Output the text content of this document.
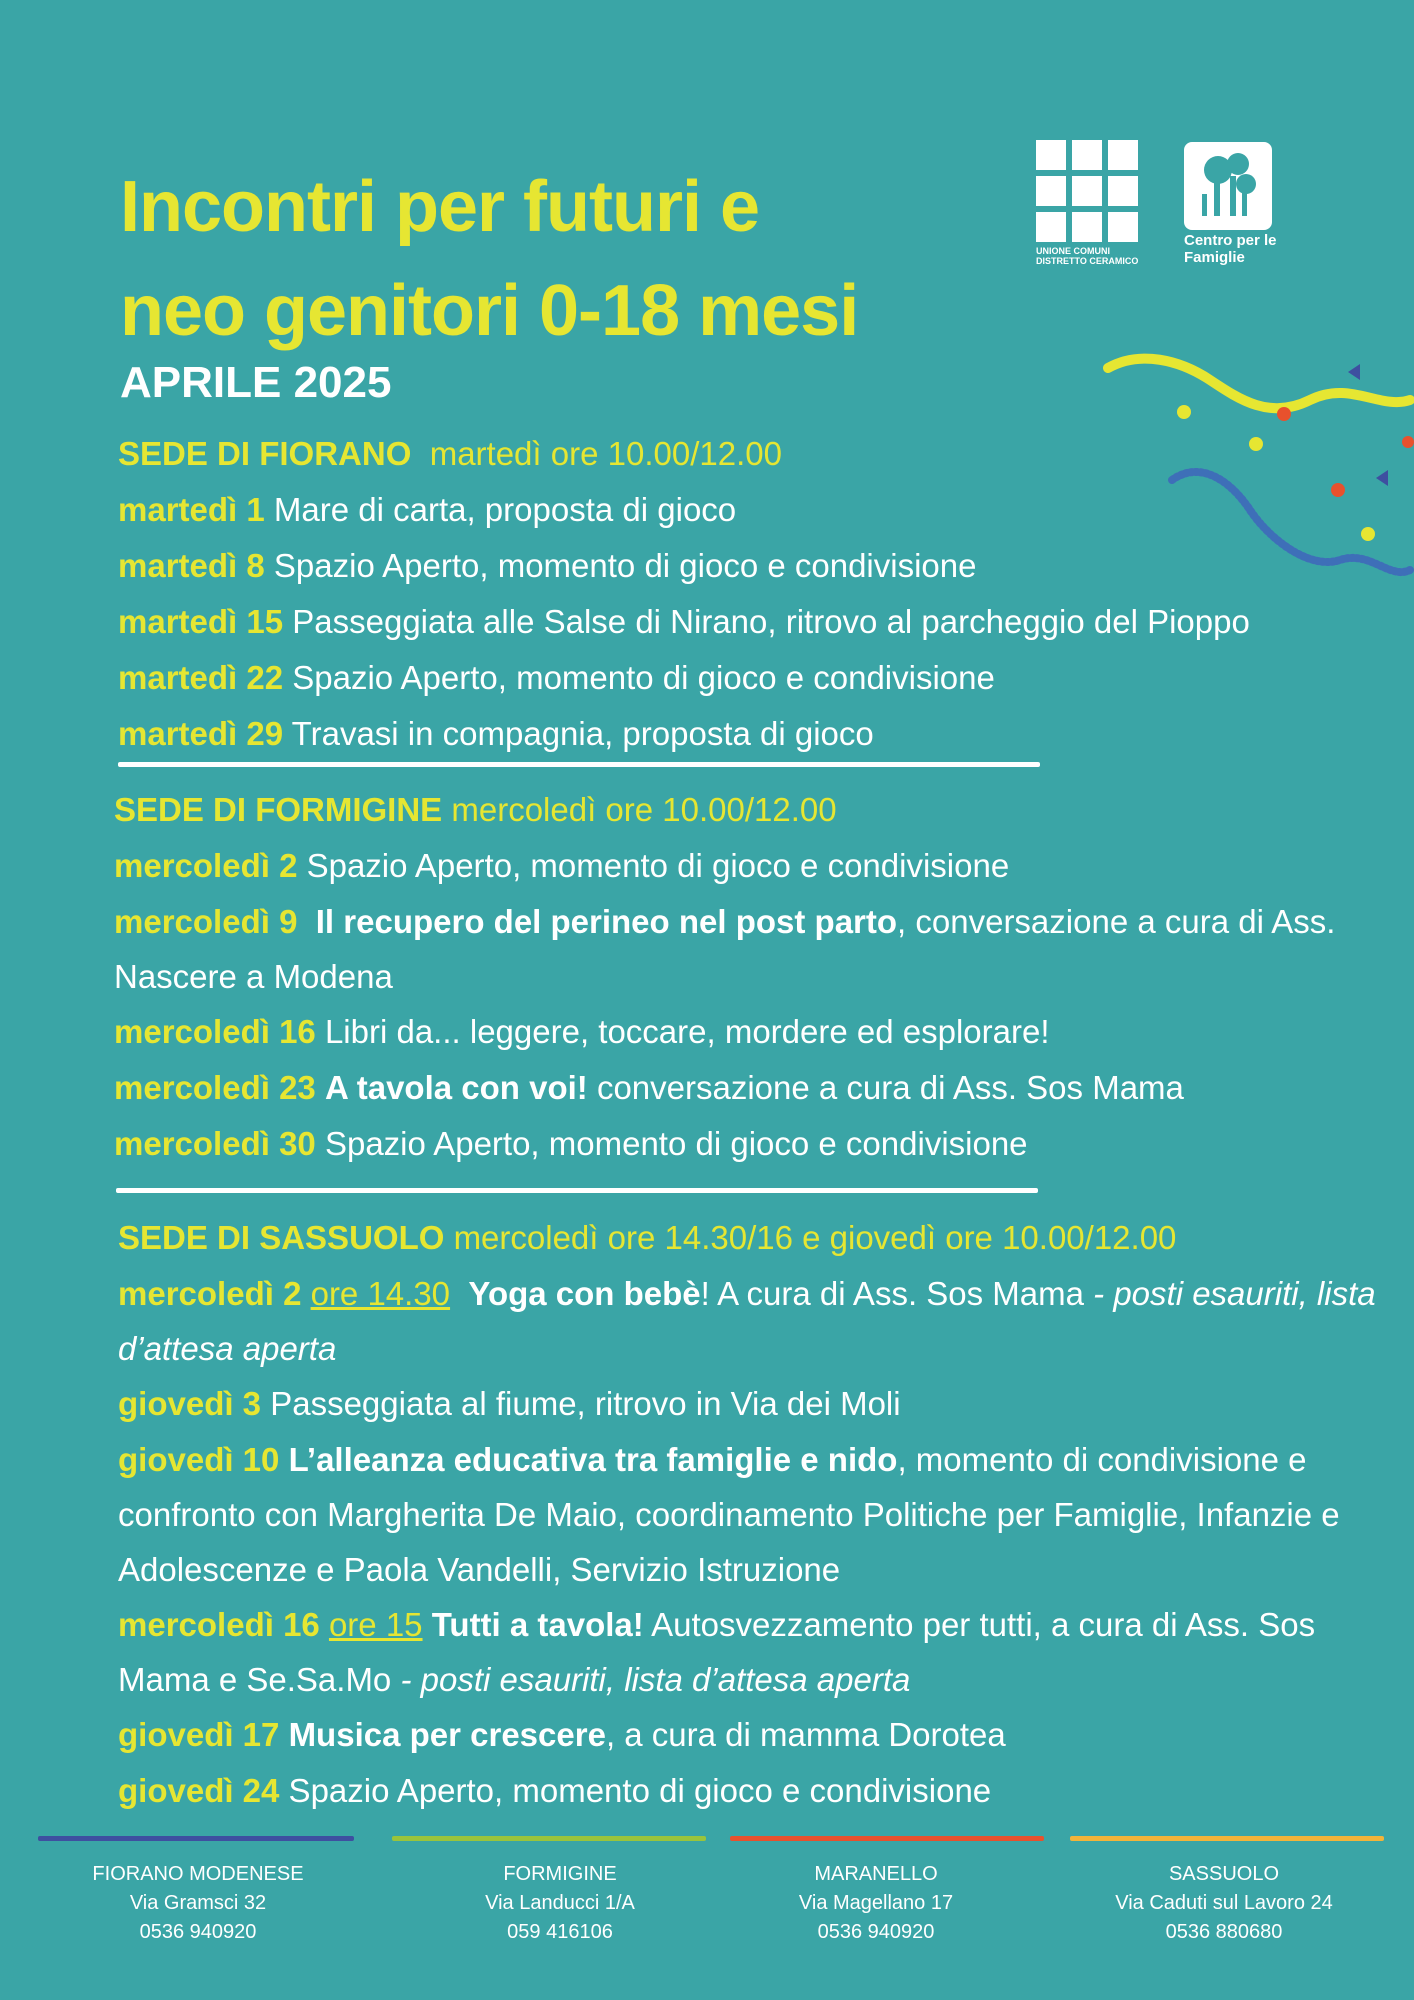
Incontri per futuri e
neo genitori 0-18 mesi
APRILE 2025
UNIONE COMUNI DISTRETTO CERAMICO
Centro per le Famiglie

SEDE DI FIORANO martedì ore 10.00/12.00

martedì 1 Mare di carta, proposta di gioco

martedì 8 Spazio Aperto, momento di gioco e condivisione

martedì 15 Passeggiata alle Salse di Nirano, ritrovo al parcheggio del Pioppo

martedì 22 Spazio Aperto, momento di gioco e condivisione

martedì 29 Travasi in compagnia, proposta di gioco

SEDE DI FORMIGINE mercoledì ore 10.00/12.00

mercoledì 2 Spazio Aperto, momento di gioco e condivisione

mercoledì 9 Il recupero del perineo nel post parto, conversazione a cura di Ass. Nascere a Modena

mercoledì 16 Libri da... leggere, toccare, mordere ed esplorare!

mercoledì 23 A tavola con voi! conversazione a cura di Ass. Sos Mama

mercoledì 30 Spazio Aperto, momento di gioco e condivisione

SEDE DI SASSUOLO mercoledì ore 14.30/16 e giovedì ore 10.00/12.00

mercoledì 2 ore 14.30 Yoga con bebè! A cura di Ass. Sos Mama - posti esauriti, lista d’attesa aperta

giovedì 3 Passeggiata al fiume, ritrovo in Via dei Moli

giovedì 10 L’alleanza educativa tra famiglie e nido, momento di condivisione e confronto con Margherita De Maio, coordinamento Politiche per Famiglie, Infanzie e Adolescenze e Paola Vandelli, Servizio Istruzione

mercoledì 16 ore 15 Tutti a tavola! Autosvezzamento per tutti, a cura di Ass. Sos Mama e Se.Sa.Mo - posti esauriti, lista d’attesa aperta

giovedì 17 Musica per crescere, a cura di mamma Dorotea

giovedì 24 Spazio Aperto, momento di gioco e condivisione

FIORANO MODENESE
Via Gramsci 32
0536 940920
FORMIGINE
Via Landucci 1/A
059 416106
MARANELLO
Via Magellano 17
0536 940920
SASSUOLO
Via Caduti sul Lavoro 24
0536 880680
